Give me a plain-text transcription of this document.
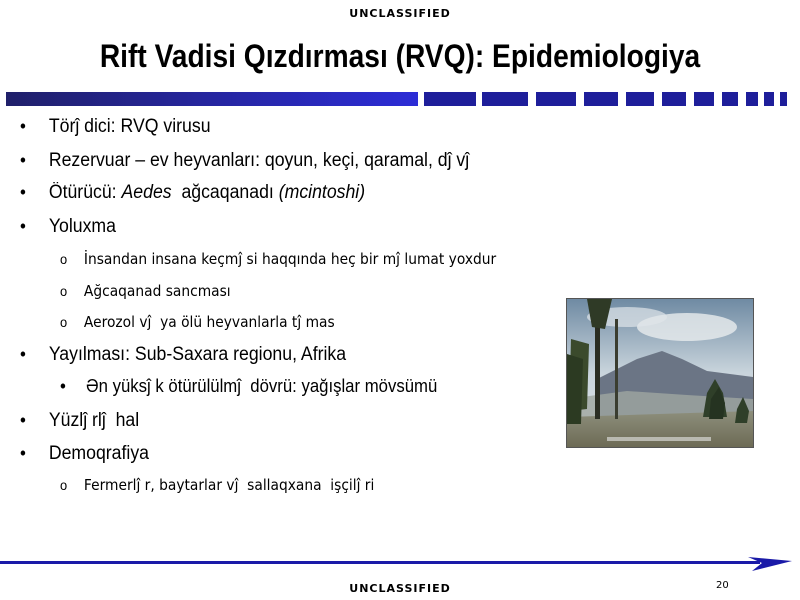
UNCLASSIFIED
Rift Vadisi Qızdırması (RVQ): Epidemiologiya
• Törĵ dici: RVQ virusu
• Rezervuar – ev heyvanları: qoyun, keçi, qaramal, dĵ vĵ
• Ötürücü: Aedes  ağcaqanadı (mcintoshi)
• Yoluxma
o İnsandan insana keçmĵ si haqqında heç bir mĵ lumat yoxdur
o Ağcaqanad sancması
o Aerozol vĵ  ya ölü heyvanlarla tĵ mas
• Yayılması: Sub-Saxara regionu, Afrika
• Ən yüksĵ k ötürülülmĵ  dövrü: yağışlar mövsümü
• Yüzlĵ rlĵ  hal
• Demoqrafiya
o Fermerlĵ r, baytarlar vĵ  sallaqxana  işçilĵ ri
20
UNCLASSIFIED
